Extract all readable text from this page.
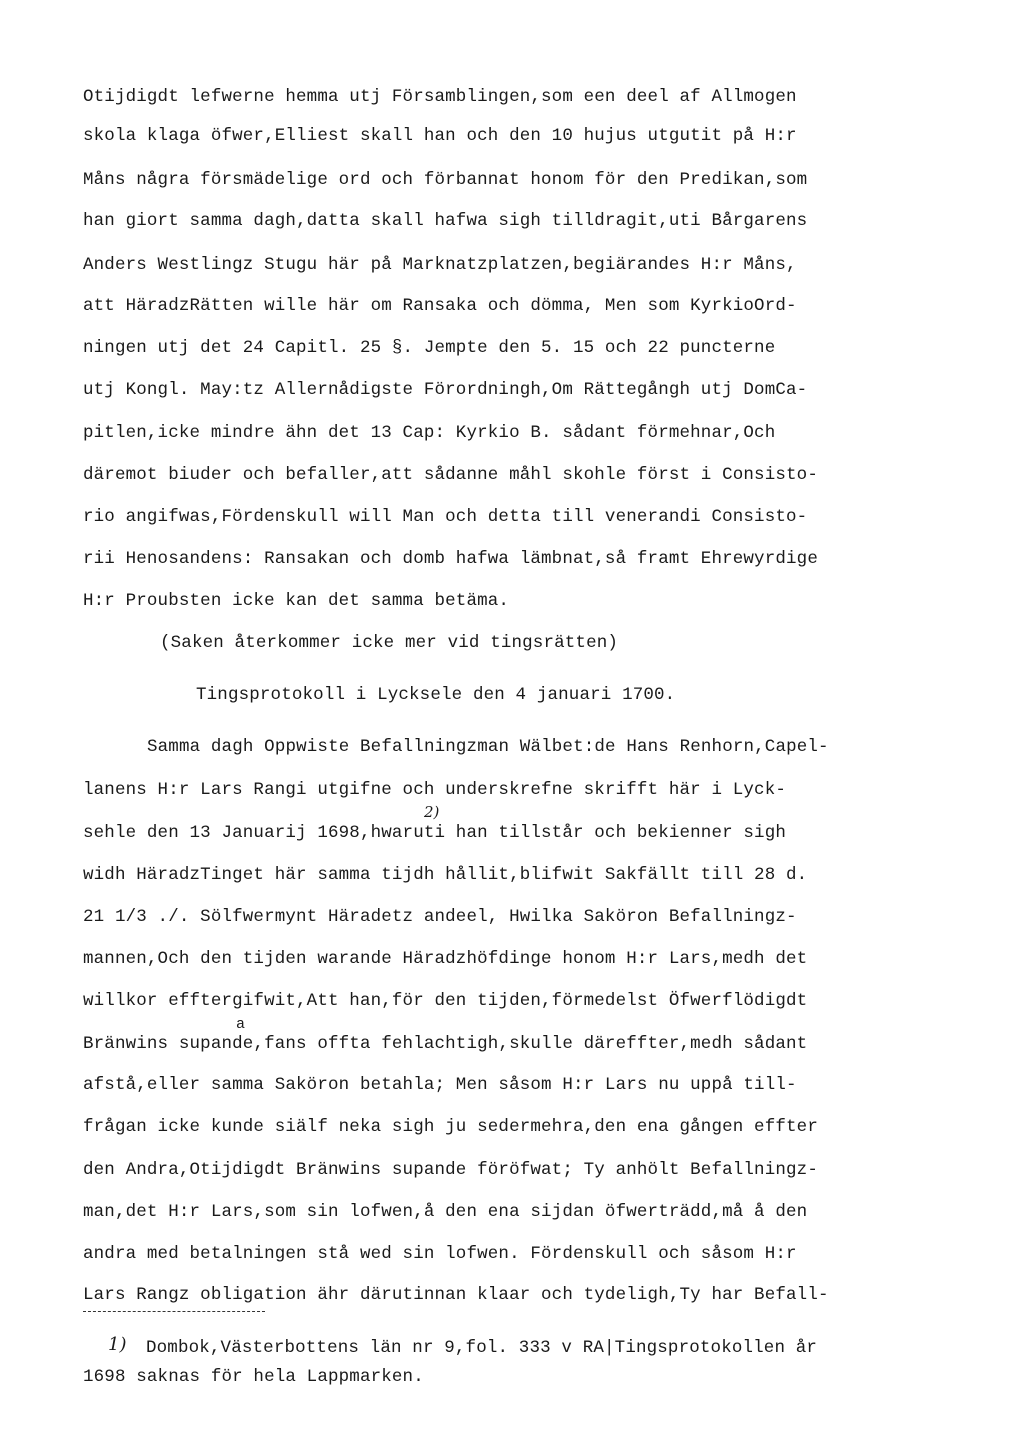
Otijdigdt lefwerne hemma utj Församblingen,som een deel af Allmogen
skola klaga öfwer,Elliest skall han och den 10 hujus utgutit på H:r
Måns några försmädelige ord och förbannat honom för den Predikan,som
han giort samma dagh,datta skall hafwa sigh tilldragit,uti Bårgarens
Anders Westlingz Stugu här på Marknatzplatzen,begiärandes H:r Måns,
att HäradzRätten wille här om Ransaka och dömma, Men som KyrkioOrd-
ningen utj det 24 Capitl. 25 §. Jempte den 5. 15 och 22 puncterne
utj Kongl. May:tz Allernådigste Förordningh,Om Rättegångh utj DomCa-
pitlen,icke mindre ähn det 13 Cap: Kyrkio B. sådant förmehnar,Och
däremot biuder och befaller,att sådanne måhl skohle först i Consisto-
rio angifwas,Fördenskull will Man och detta till venerandi Consisto-
rii Henosandens: Ransakan och domb hafwa lämbnat,så framt Ehrewyrdige
H:r Proubsten icke kan det samma betäma.
(Saken återkommer icke mer vid tingsrätten)
Tingsprotokoll i Lycksele den 4 januari 1700.
Samma dagh Oppwiste Befallningzman Wälbet:de Hans Renhorn,Capel-
lanens H:r Lars Rangi utgifne och underskrefne skrifft här i Lyck-
2)
sehle den 13 Januarij 1698,hwaruti han tillstår och bekienner sigh
widh HäradzTinget här samma tijdh hållit,blifwit Sakfällt till 28 d.
21 1/3 ./. Sölfwermynt Häradetz andeel, Hwilka Saköron Befallningz-
mannen,Och den tijden warande Häradzhöfdinge honom H:r Lars,medh det
willkor efftergifwit,Att han,för den tijden,förmedelst Öfwerflödigdt
a
Bränwins supande,fans offta fehlachtigh,skulle däreffter,medh sådant
afstå,eller samma Saköron betahla; Men såsom H:r Lars nu uppå till-
frågan icke kunde siälf neka sigh ju sedermehra,den ena gången effter
den Andra,Otijdigdt Bränwins supande föröfwat; Ty anhölt Befallningz-
man,det H:r Lars,som sin lofwen,å den ena sijdan öfwerträdd,må å den
andra med betalningen stå wed sin lofwen. Fördenskull och såsom H:r
Lars Rangz obligation ähr därutinnan klaar och tydeligh,Ty har Befall-
1) Dombok,Västerbottens län nr 9,fol. 333 v RA|Tingsprotokollen år
1698 saknas för hela Lappmarken.
